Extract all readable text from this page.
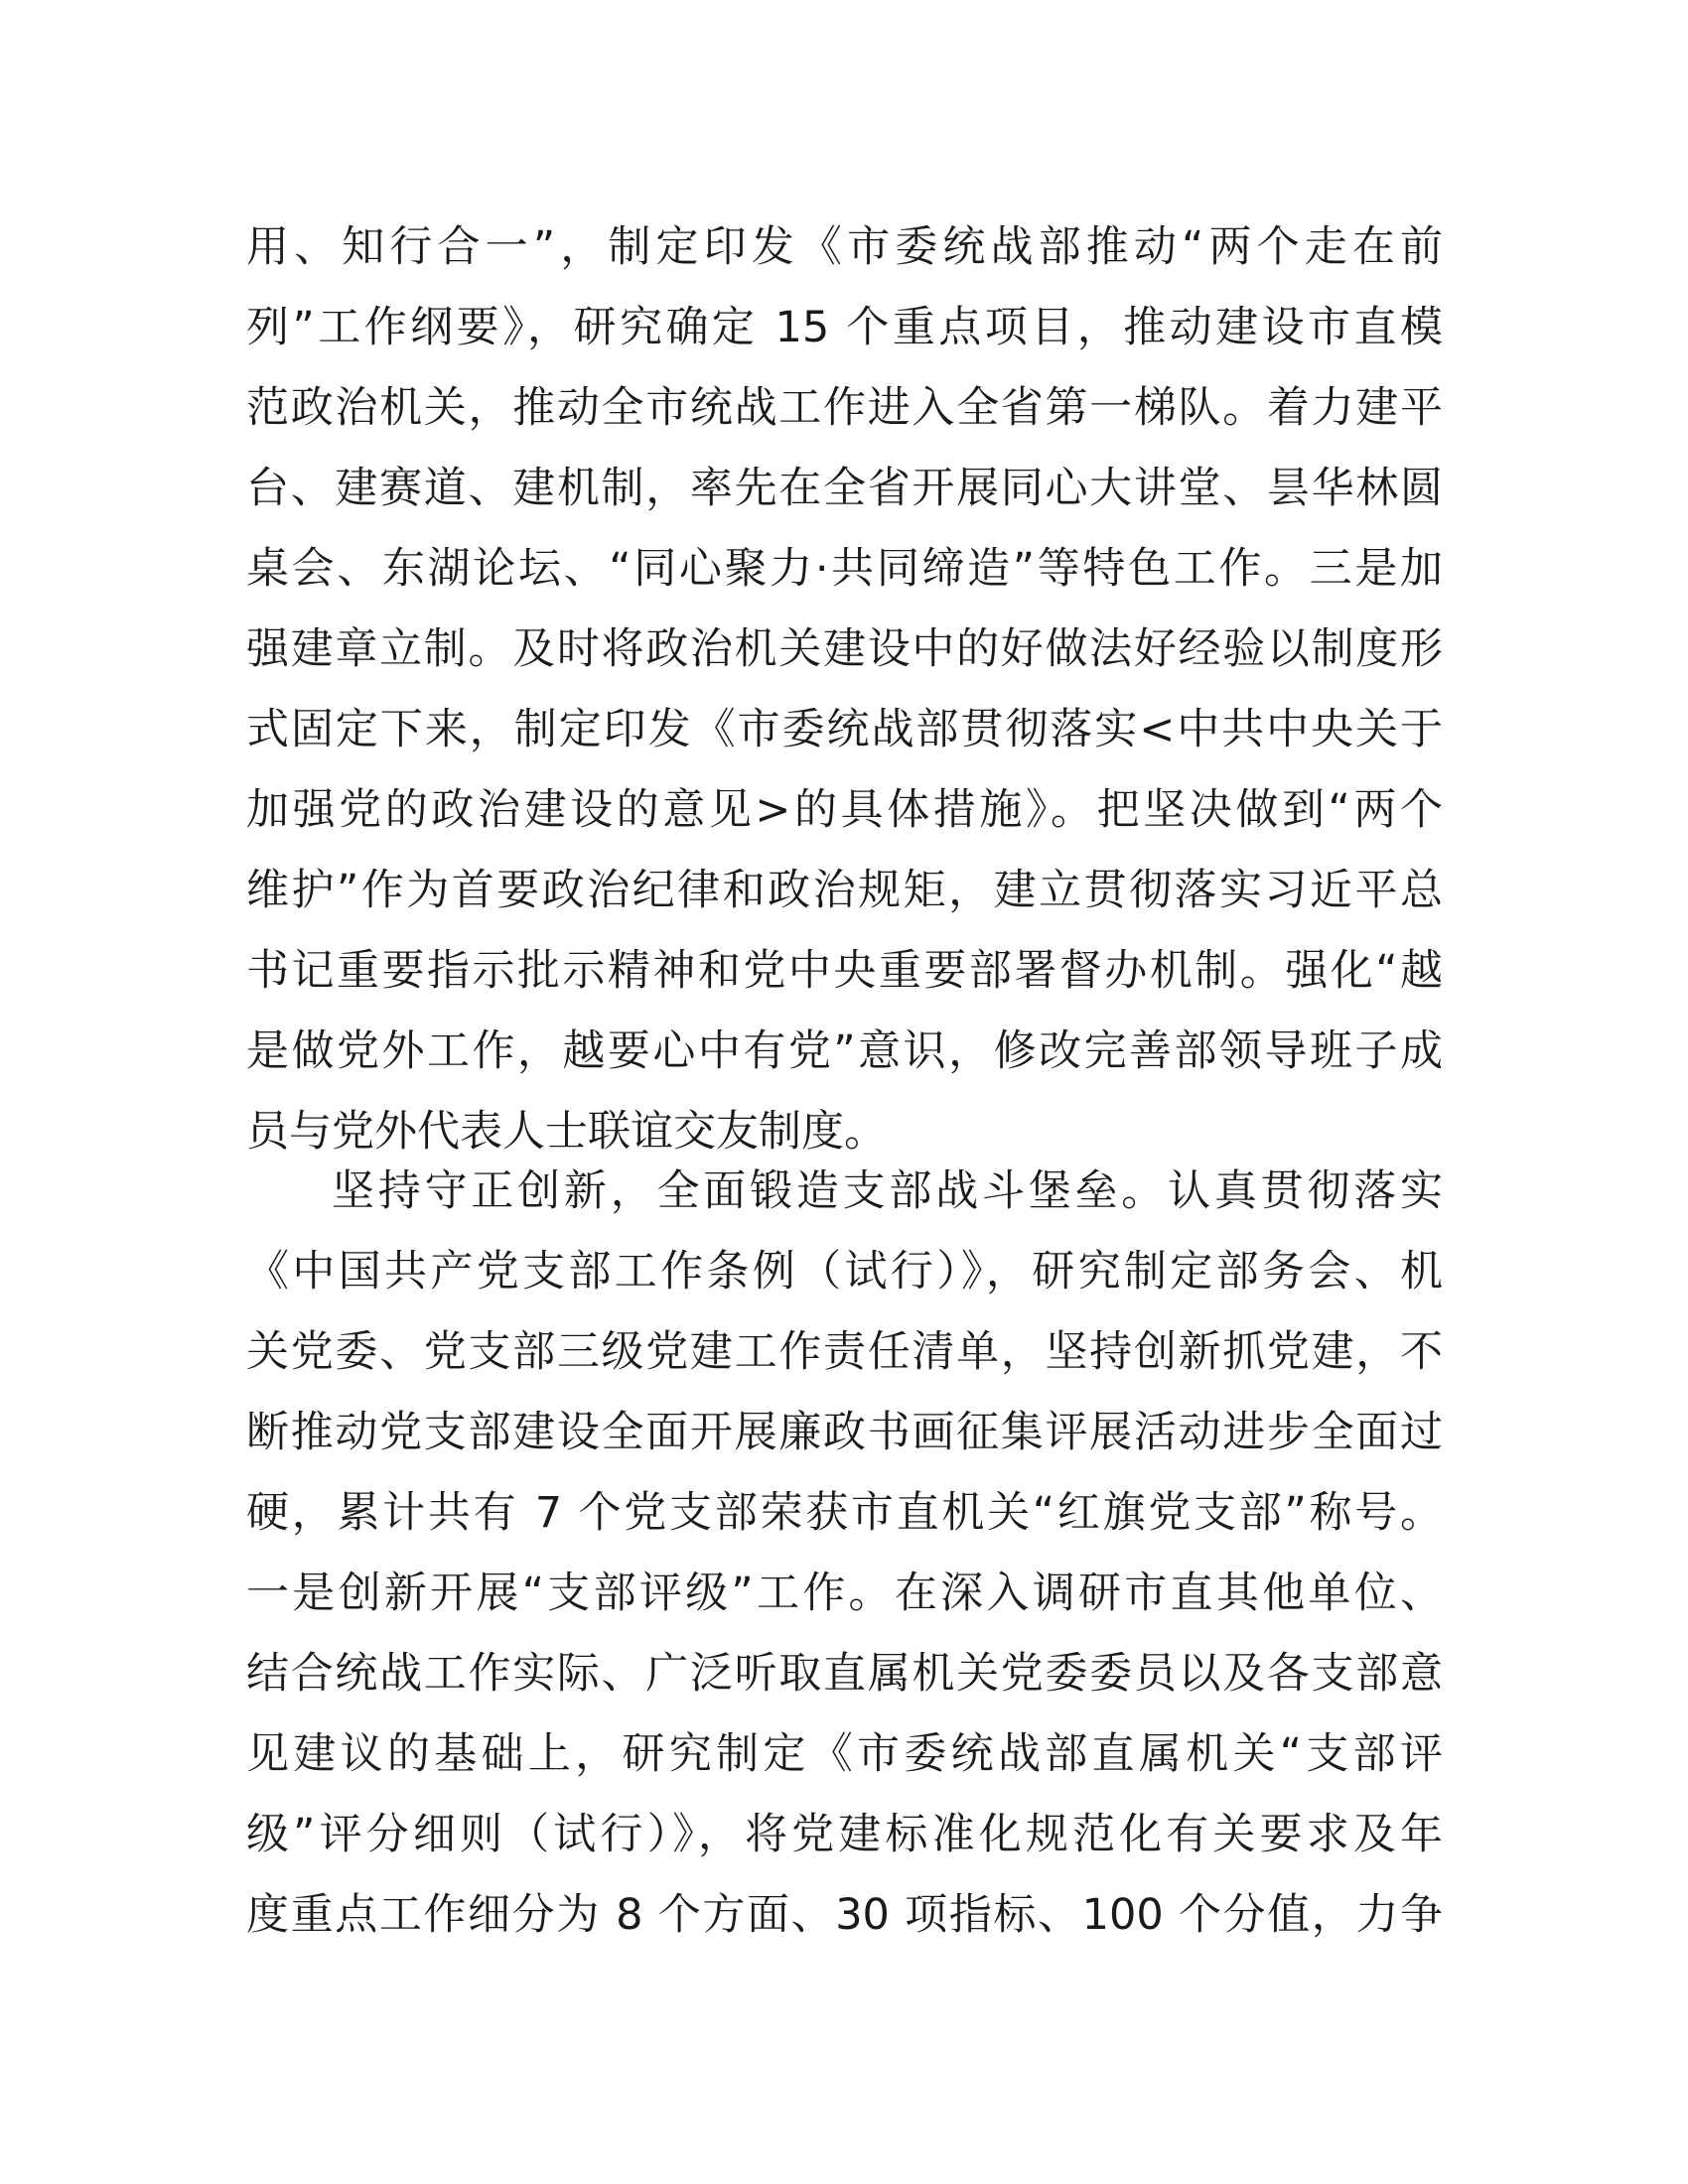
用、知行合一”，制定印发《市委统战部推动“两个走在前
列”工作纲要》，研究确定 15 个重点项目，推动建设市直模
范政治机关，推动全市统战工作进入全省第一梯队。着力建平
台、建赛道、建机制，率先在全省开展同心大讲堂、昙华林圆
桌会、东湖论坛、“同心聚力·共同缔造”等特色工作。三是加
强建章立制。及时将政治机关建设中的好做法好经验以制度形
式固定下来，制定印发《市委统战部贯彻落实<中共中央关于
加强党的政治建设的意见>的具体措施》。把坚决做到“两个
维护”作为首要政治纪律和政治规矩，建立贯彻落实习近平总
书记重要指示批示精神和党中央重要部署督办机制。强化“越
是做党外工作，越要心中有党”意识，修改完善部领导班子成
员与党外代表人士联谊交友制度。
坚持守正创新，全面锻造支部战斗堡垒。认真贯彻落实
《中国共产党支部工作条例（试行）》，研究制定部务会、机
关党委、党支部三级党建工作责任清单，坚持创新抓党建，不
断推动党支部建设全面开展廉政书画征集评展活动进步全面过
硬，累计共有 7 个党支部荣获市直机关“红旗党支部”称号。
一是创新开展“支部评级”工作。在深入调研市直其他单位、
结合统战工作实际、广泛听取直属机关党委委员以及各支部意
见建议的基础上，研究制定《市委统战部直属机关“支部评
级”评分细则（试行）》，将党建标准化规范化有关要求及年
度重点工作细分为 8 个方面、30 项指标、100 个分值，力争
